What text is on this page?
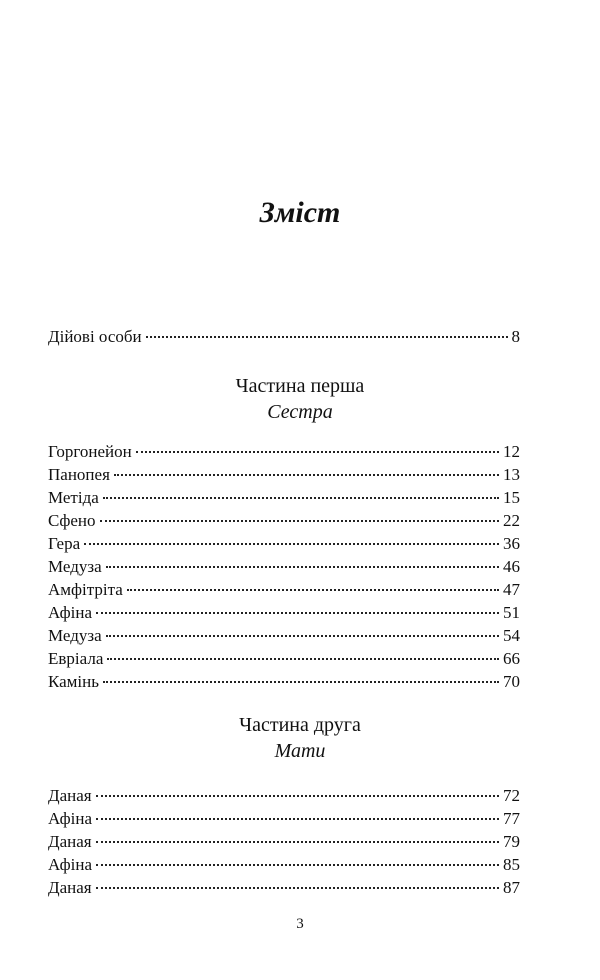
Зміст
Дійові особи	8
Частина перша
Сестра
Горгонейон	12
Панопея	13
Метіда	15
Сфено	22
Гера	36
Медуза	46
Амфітріта	47
Афіна	51
Медуза	54
Евріала	66
Камінь	70
Частина друга
Мати
Даная	72
Афіна	77
Даная	79
Афіна	85
Даная	87
3
